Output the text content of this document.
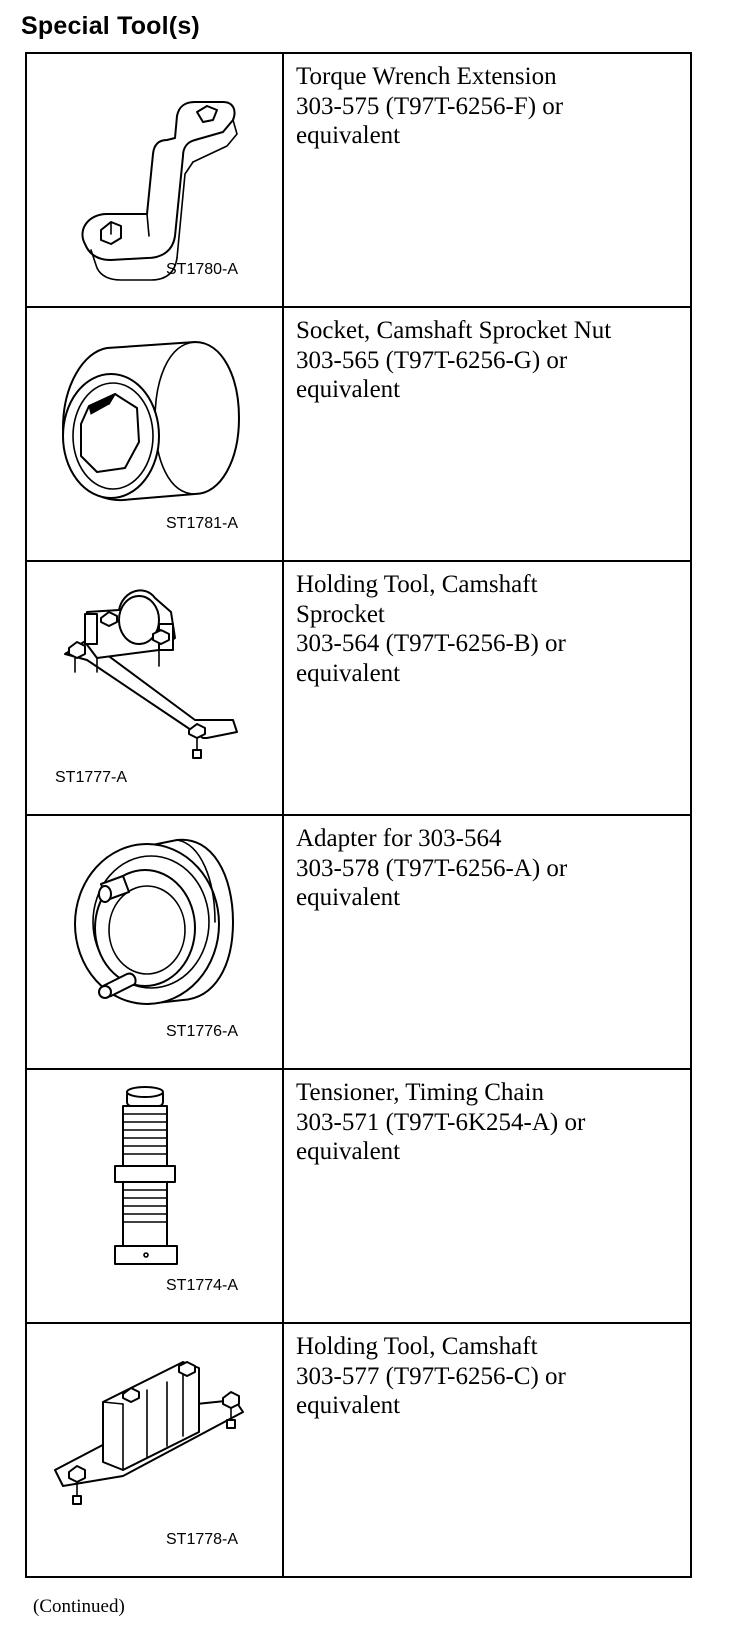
Special Tool(s)
ST1780-A	Torque Wrench Extension
303-575 (T97T-6256-F) or
equivalent

ST1781-A	Socket, Camshaft Sprocket Nut
303-565 (T97T-6256-G) or
equivalent

ST1777-A	Holding Tool, Camshaft
Sprocket
303-564 (T97T-6256-B) or
equivalent

ST1776-A	Adapter for 303-564
303-578 (T97T-6256-A) or
equivalent

ST1774-A	Tensioner, Timing Chain
303-571 (T97T-6K254-A) or
equivalent

ST1778-A	Holding Tool, Camshaft
303-577 (T97T-6256-C) or
equivalent
(Continued)
